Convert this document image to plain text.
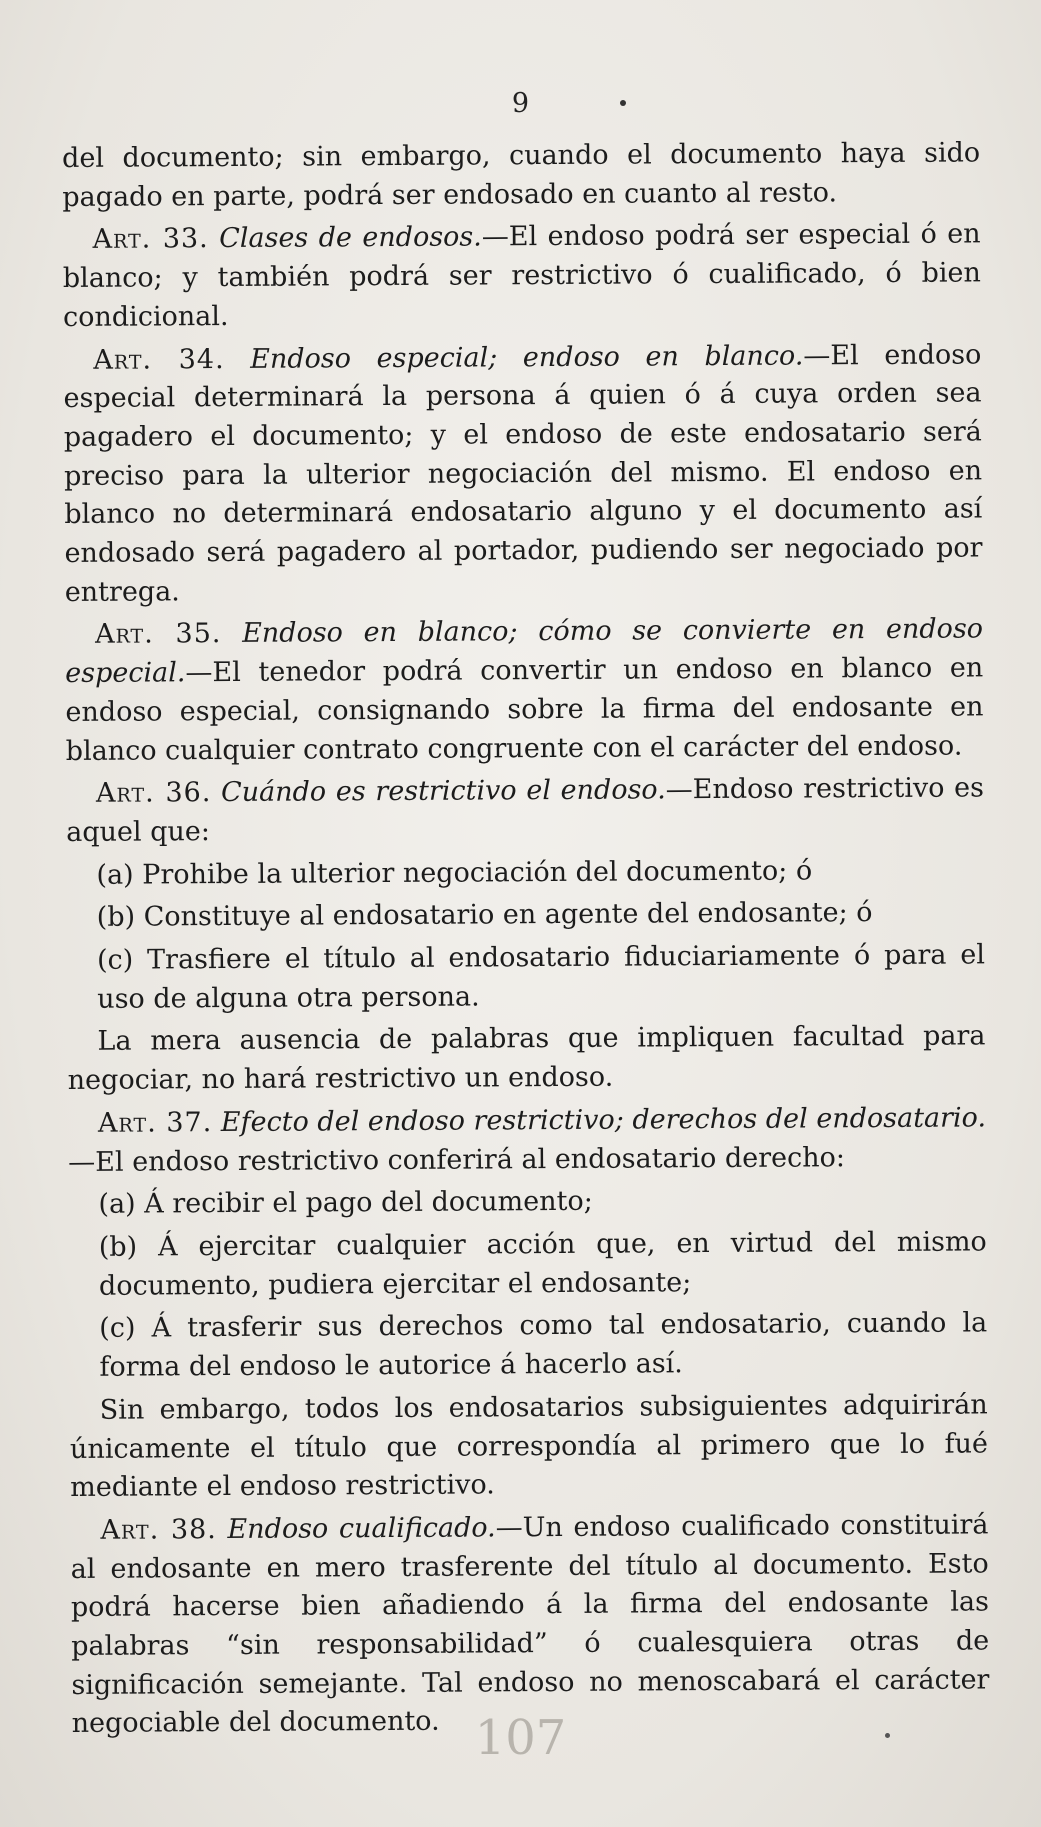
9

del documento; sin embargo, cuando el documento haya sido pagado en parte, podrá ser endosado en cuanto al resto.

Art. 33. Clases de endosos.—El endoso podrá ser especial ó en blanco; y también podrá ser restrictivo ó cualificado, ó bien condicional.

Art. 34. Endoso especial; endoso en blanco.—El endoso especial determinará la persona á quien ó á cuya orden sea pagadero el documento; y el endoso de este endosatario será preciso para la ulterior negociación del mismo. El endoso en blanco no determinará endosatario alguno y el documento así endosado será pagadero al portador, pudiendo ser negociado por entrega.

Art. 35. Endoso en blanco; cómo se convierte en endoso especial.—El tenedor podrá convertir un endoso en blanco en endoso especial, consignando sobre la firma del endosante en blanco cualquier contrato congruente con el carácter del endoso.

Art. 36. Cuándo es restrictivo el endoso.—Endoso restrictivo es aquel que:

(a) Prohibe la ulterior negociación del documento; ó

(b) Constituye al endosatario en agente del endosante; ó

(c) Trasfiere el título al endosatario fiduciariamente ó para el uso de alguna otra persona.

La mera ausencia de palabras que impliquen facultad para negociar, no hará restrictivo un endoso.

Art. 37. Efecto del endoso restrictivo; derechos del endosatario.—El endoso restrictivo conferirá al endosatario derecho:

(a) Á recibir el pago del documento;

(b) Á ejercitar cualquier acción que, en virtud del mismo documento, pudiera ejercitar el endosante;

(c) Á trasferir sus derechos como tal endosatario, cuando la forma del endoso le autorice á hacerlo así.

Sin embargo, todos los endosatarios subsiguientes adquirirán únicamente el título que correspondía al primero que lo fué mediante el endoso restrictivo.

Art. 38. Endoso cualificado.—Un endoso cualificado constituirá al endosante en mero trasferente del título al documento. Esto podrá hacerse bien añadiendo á la firma del endosante las palabras “sin responsabilidad” ó cualesquiera otras de significación semejante. Tal endoso no menoscabará el carácter negociable del documento. 107
